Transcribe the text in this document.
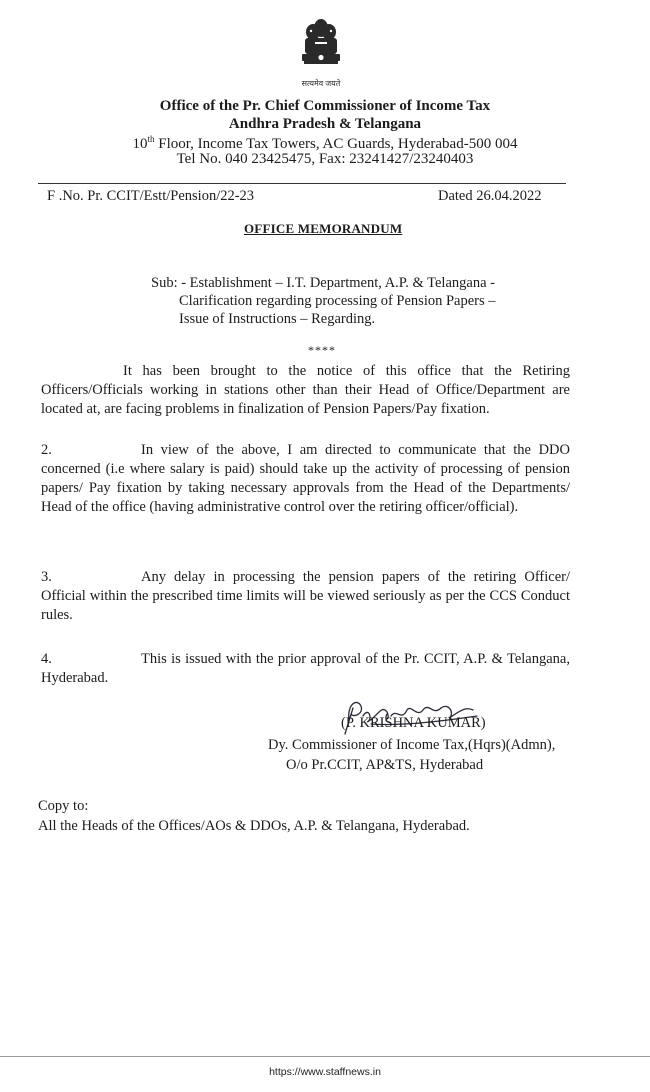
सत्यमेव जयते
Office of the Pr. Chief Commissioner of Income Tax
Andhra Pradesh & Telangana
10th Floor, Income Tax Towers, AC Guards, Hyderabad-500 004
Tel No. 040 23425475, Fax: 23241427/23240403
F .No. Pr. CCIT/Estt/Pension/22-23	Dated 26.04.2022
OFFICE MEMORANDUM
Sub: - Establishment – I.T. Department, A.P. & Telangana -
Clarification regarding processing of Pension Papers –
Issue of Instructions – Regarding.
****
It has been brought to the notice of this office that the Retiring Officers/Officials working in stations other than their Head of Office/Department are located at, are facing problems in finalization of Pension Papers/Pay fixation.
2.	In view of the above, I am directed to communicate that the DDO concerned (i.e where salary is paid) should take up the activity of processing of pension papers/ Pay fixation by taking necessary approvals from the Head of the Departments/ Head of the office (having administrative control over the retiring officer/official).
3.	Any delay in processing the pension papers of the retiring Officer/ Official within the prescribed time limits will be viewed seriously as per the CCS Conduct rules.
4.	This is issued with the prior approval of the Pr. CCIT, A.P. & Telangana, Hyderabad.
(P. KRISHNA KUMAR)
Dy. Commissioner of Income Tax,(Hqrs)(Admn),
O/o Pr.CCIT, AP&TS, Hyderabad
Copy to:
All the Heads of the Offices/AOs & DDOs, A.P. & Telangana, Hyderabad.
https://www.staffnews.in
